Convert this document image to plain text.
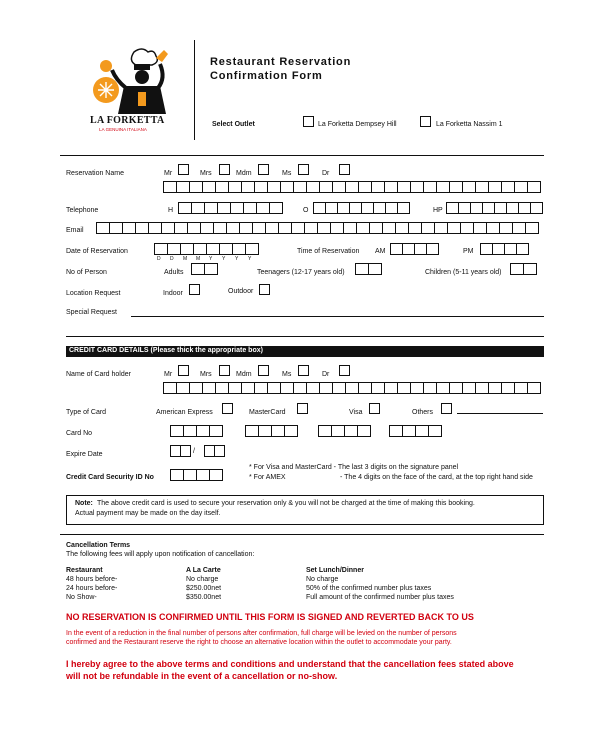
LA FORKETTA
LA GENUINA ITALIANA
Restaurant Reservation
Confirmation Form
Select Outlet	La Forketta Dempsey Hill	La Forketta Nassim 1
Reservation Name	Mr	Mrs	Mdm	Ms	Dr
Telephone	H	O	HP
Email
Date of Reservation
D D M M Y Y Y Y
Time of Reservation AM	PM
No of Person	Adults	Teenagers (12-17 years old)	Children (5-11 years old)
Location Request	Indoor	Outdoor
Special Request
CREDIT CARD DETAILS (Please thick the appropriate box)
Name of Card holder	Mr	Mrs	Mdm	Ms	Dr
Type of Card	American Express	MasterCard	Visa	Others
Card No
Expire Date	/
Credit Card Security ID No
* For Visa and MasterCard - The last 3 digits on the signature panel
* For AMEX	- The 4 digits on the face of the card, at the top right hand side
Note: The above credit card is used to secure your reservation only & you will not be charged at the time of making this booking.
Actual payment may be made on the day itself.
Cancellation Terms
The following fees will apply upon notification of cancellation:
Restaurant	A La Carte	Set Lunch/Dinner
48 hours before-	No charge	No charge
24 hours before-	$250.00net	50% of the confirmed number plus taxes
No Show-	$350.00net	Full amount of the confirmed number plus taxes
NO RESERVATION IS CONFIRMED UNTIL THIS FORM IS SIGNED AND REVERTED BACK TO US
In the event of a reduction in the final number of persons after confirmation, full charge will be levied on the number of persons
confirmed and the Restaurant reserve the right to choose an alternative location within the outlet to accommodate your party.
I hereby agree to the above terms and conditions and understand that the cancellation fees stated above
will not be refundable in the event of a cancellation or no-show.
